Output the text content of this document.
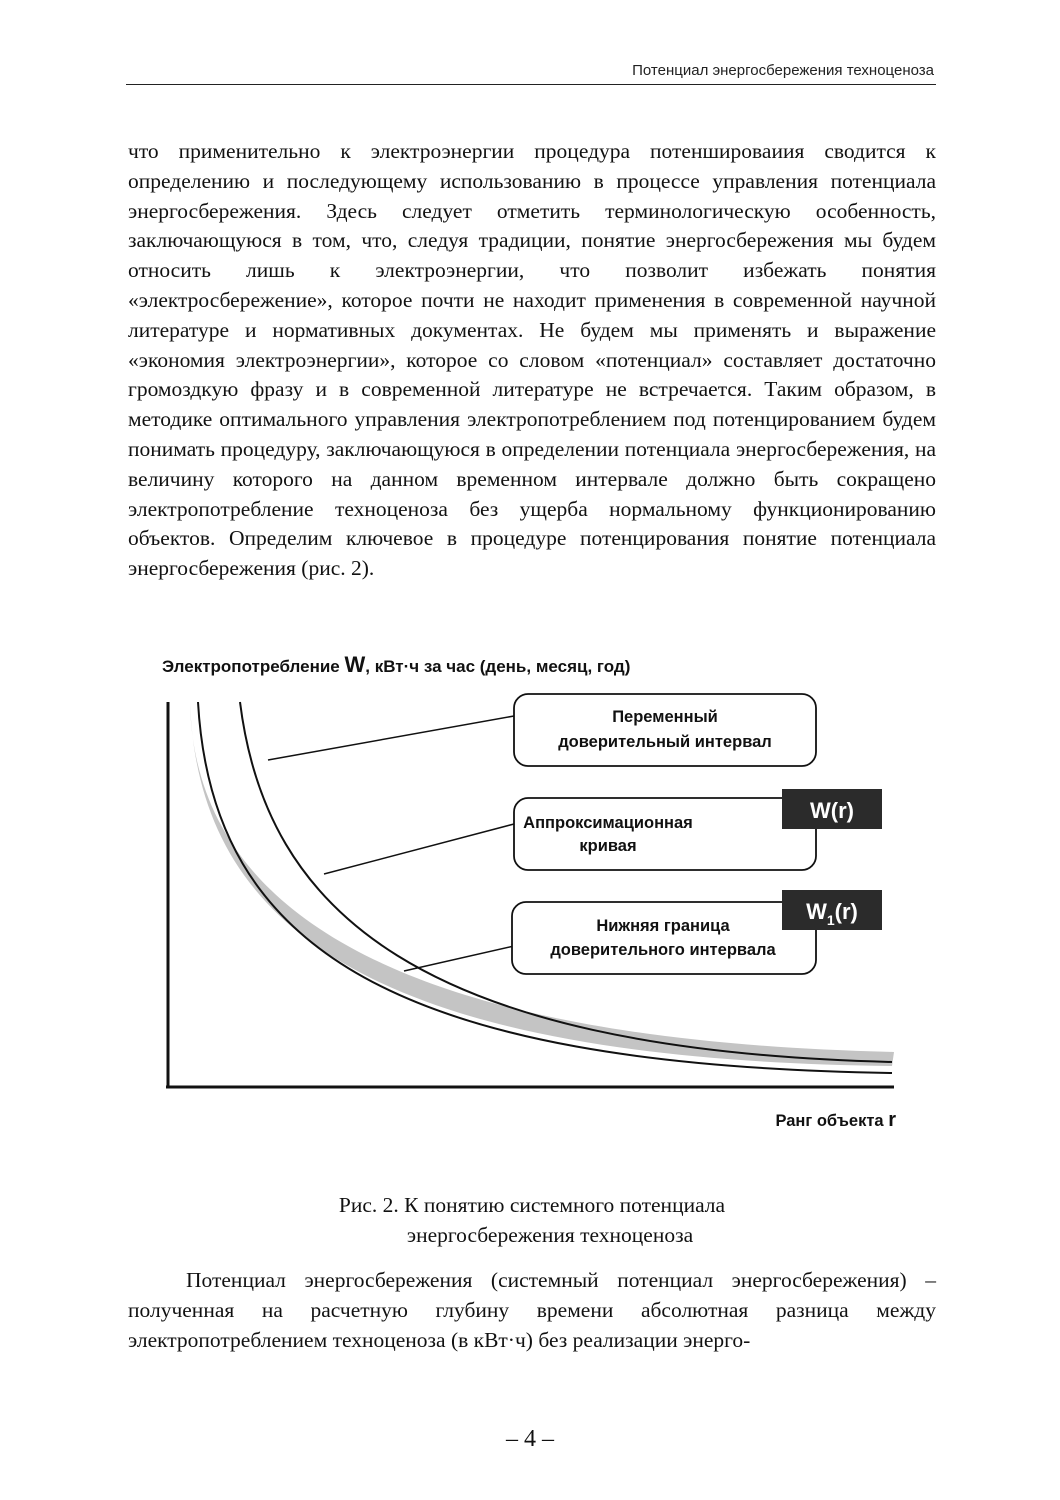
Потенциал энергосбережения техноценоза

что применительно к электроэнергии процедура потеншироваиия сводится к определению и последующему использованию в процессе управления потенциала энергосбережения. Здесь следует отметить терминологическую особенность, заключающуюся в том, что, следуя традиции, понятие энергосбережения мы будем относить лишь к электроэнергии, что позволит избежать понятия «электросбережение», которое почти не находит применения в современной научной литературе и нормативных документах. Не будем мы применять и выражение «экономия электроэнергии», которое со словом «потенциал» составляет достаточно громоздкую фразу и в современной литературе не встречается. Таким образом, в методике оптимального управления электропотреблением под потенцированием будем понимать процедуру, заключающуюся в определении потенциала энергосбережения, на величину которого на данном временном интервале должно быть сокращено электропотребление техноценоза без ущерба нормальному функционированию объектов. Определим ключевое в процедуре потенцирования понятие потенциала энергосбережения (рис. 2).

Электропотребление W, кВт·ч за час (день, месяц, год)
Переменный
доверительный интервал
Аппроксимационная
кривая
W(r)
Нижняя граница
доверительного интервала
$W_1(r)$
Ранг объекта r
Рис. 2. К понятию системного потенциала
энергосбережения техноценоза

Потенциал энергосбережения (системный потенциал энергосбережения) – полученная на расчетную глубину времени абсолютная разница между электропотреблением техноценоза (в кВт·ч) без реализации энерго-

– 4 –
